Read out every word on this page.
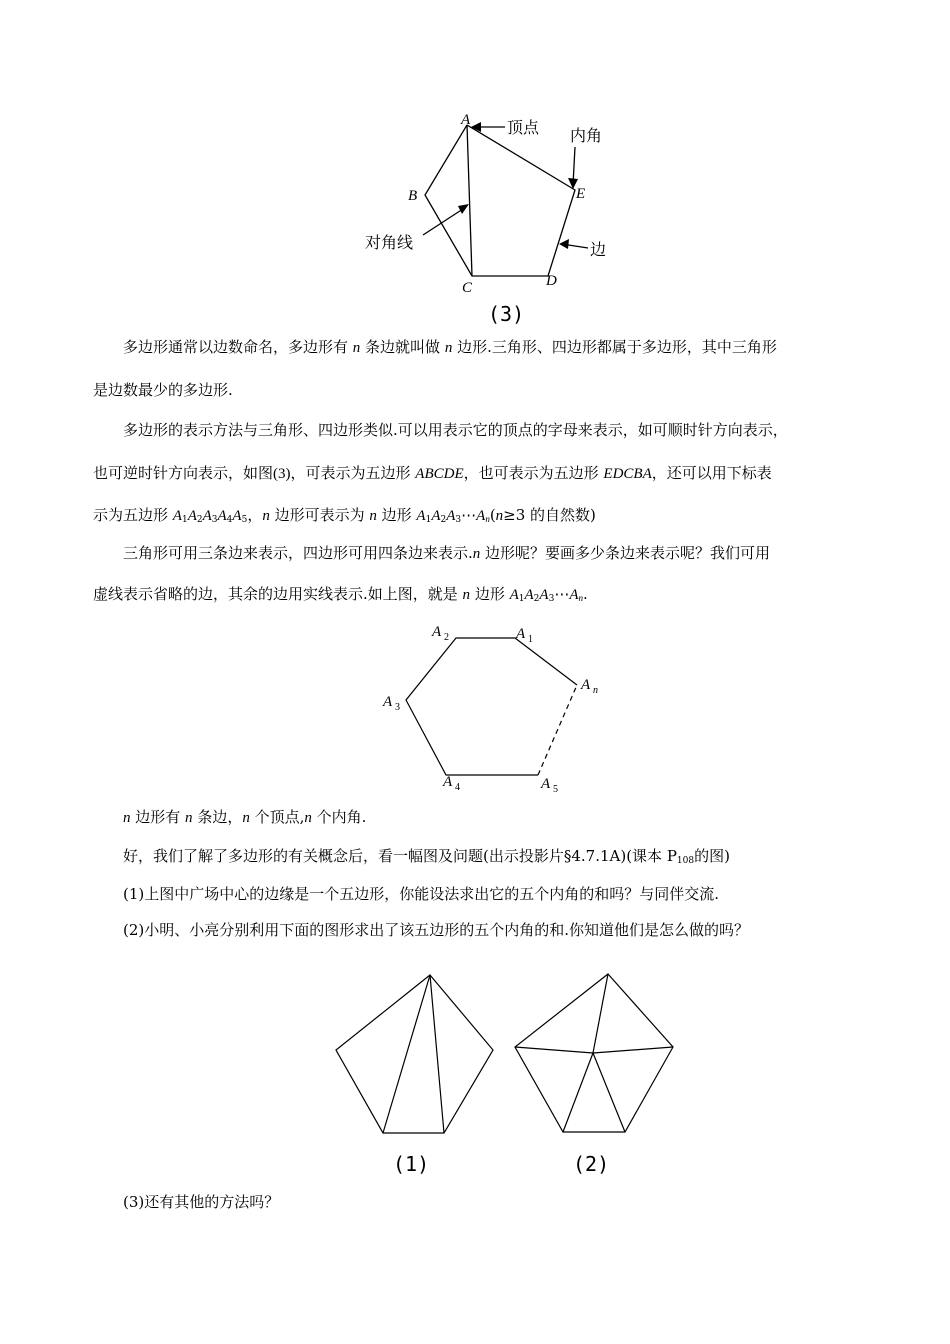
A
B
C	D
E
顶点 内角
对角线	边
(3)
多边形通常以边数命名，多边形有 n 条边就叫做 n 边形.三角形、四边形都属于多边形，其中三角形
是边数最少的多边形.
多边形的表示方法与三角形、四边形类似.可以用表示它的顶点的字母来表示，如可顺时针方向表示，
也可逆时针方向表示，如图(3)，可表示为五边形 ABCDE，也可表示为五边形 EDCBA，还可以用下标表
示为五边形 $A_1A_2A_3A_4A_5$，n 边形可表示为 n 边形 $A_1A_2A_3\cdots A_n(n\ge 3$ 的自然数)
三角形可用三条边来表示，四边形可用四条边来表示.n 边形呢？要画多少条边来表示呢？我们可用
虚线表示省略的边，其余的边用实线表示.如上图，就是 n 边形 $A_1A_2A_3\cdots A_n$.
A 2	A 1
A n
A 3
A 4	A 5
n 边形有 n 条边，n 个顶点,n 个内角.
好，我们了解了多边形的有关概念后，看一幅图及问题(出示投影片§4.7.1A)(课本 $P_{108}$的图)
(1)上图中广场中心的边缘是一个五边形，你能设法求出它的五个内角的和吗？与同伴交流.
(2)小明、小亮分别利用下面的图形求出了该五边形的五个内角的和.你知道他们是怎么做的吗？
(1)	(2)
(3)还有其他的方法吗？
